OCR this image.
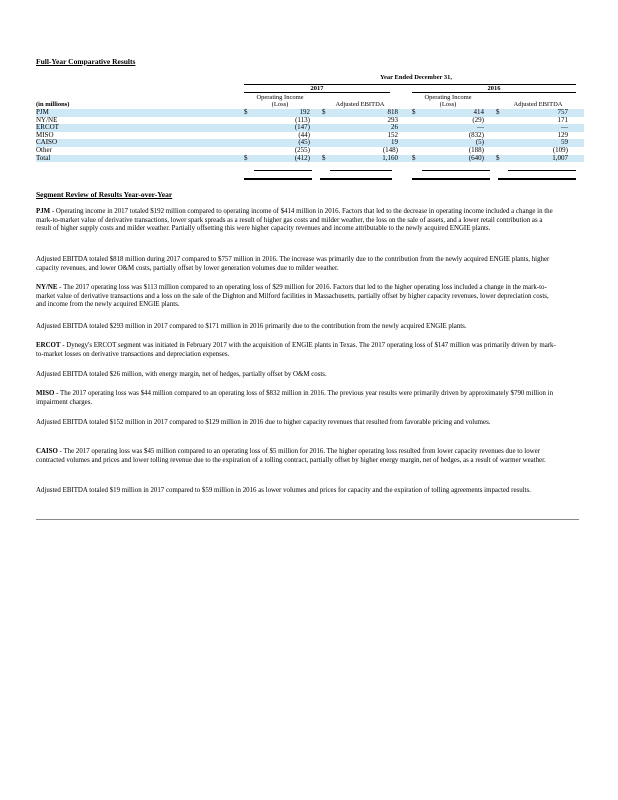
Full-Year Comparative Results
Year Ended December 31,
2017	2016
Operating Income (Loss)	Adjusted EBITDA
Operating Income (Loss)	Adjusted EBITDA
(in millions)
PJM	$	192 $	818 $	414 $	757
NY/NE	(113)	293	(29)	171
ERCOT	(147)	26	—	—
MISO	(44)	152	(832)	129
CAISO	(45)	19	(5)	59
Other	(255)	(148)	(188)	(109)
Total	$	(412) $	1,160 $	(640) $	1,007
Segment Review of Results Year-over-Year

PJM - Operating income in 2017 totaled $192 million compared to operating income of $414 million in 2016. Factors that led to the decrease in operating income included a change in the mark-to-market value of derivative transactions, lower spark spreads as a result of higher gas costs and milder weather, the loss on the sale of assets, and a lower retail contribution as a result of higher supply costs and milder weather. Partially offsetting this were higher capacity revenues and income attributable to the newly acquired ENGIE plants.

Adjusted EBITDA totaled $818 million during 2017 compared to $757 million in 2016. The increase was primarily due to the contribution from the newly acquired ENGIE plants, higher capacity revenues, and lower O&M costs, partially offset by lower generation volumes due to milder weather.

NY/NE - The 2017 operating loss was $113 million compared to an operating loss of $29 million for 2016. Factors that led to the higher operating loss included a change in the mark-to-market value of derivative transactions and a loss on the sale of the Dighton and Milford facilities in Massachusetts, partially offset by higher capacity revenues, lower depreciation costs, and income from the newly acquired ENGIE plants.

Adjusted EBITDA totaled $293 million in 2017 compared to $171 million in 2016 primarily due to the contribution from the newly acquired ENGIE plants.

ERCOT - Dynegy's ERCOT segment was initiated in February 2017 with the acquisition of ENGIE plants in Texas. The 2017 operating loss of $147 million was primarily driven by mark-to-market losses on derivative transactions and depreciation expenses.

Adjusted EBITDA totaled $26 million, with energy margin, net of hedges, partially offset by O&M costs.

MISO - The 2017 operating loss was $44 million compared to an operating loss of $832 million in 2016. The previous year results were primarily driven by approximately $790 million in impairment charges.

Adjusted EBITDA totaled $152 million in 2017 compared to $129 million in 2016 due to higher capacity revenues that resulted from favorable pricing and volumes.

CAISO - The 2017 operating loss was $45 million compared to an operating loss of $5 million for 2016. The higher operating loss resulted from lower capacity revenues due to lower contracted volumes and prices and lower tolling revenue due to the expiration of a tolling contract, partially offset by higher energy margin, net of hedges, as a result of warmer weather.

Adjusted EBITDA totaled $19 million in 2017 compared to $59 million in 2016 as lower volumes and prices for capacity and the expiration of tolling agreements impacted results.
